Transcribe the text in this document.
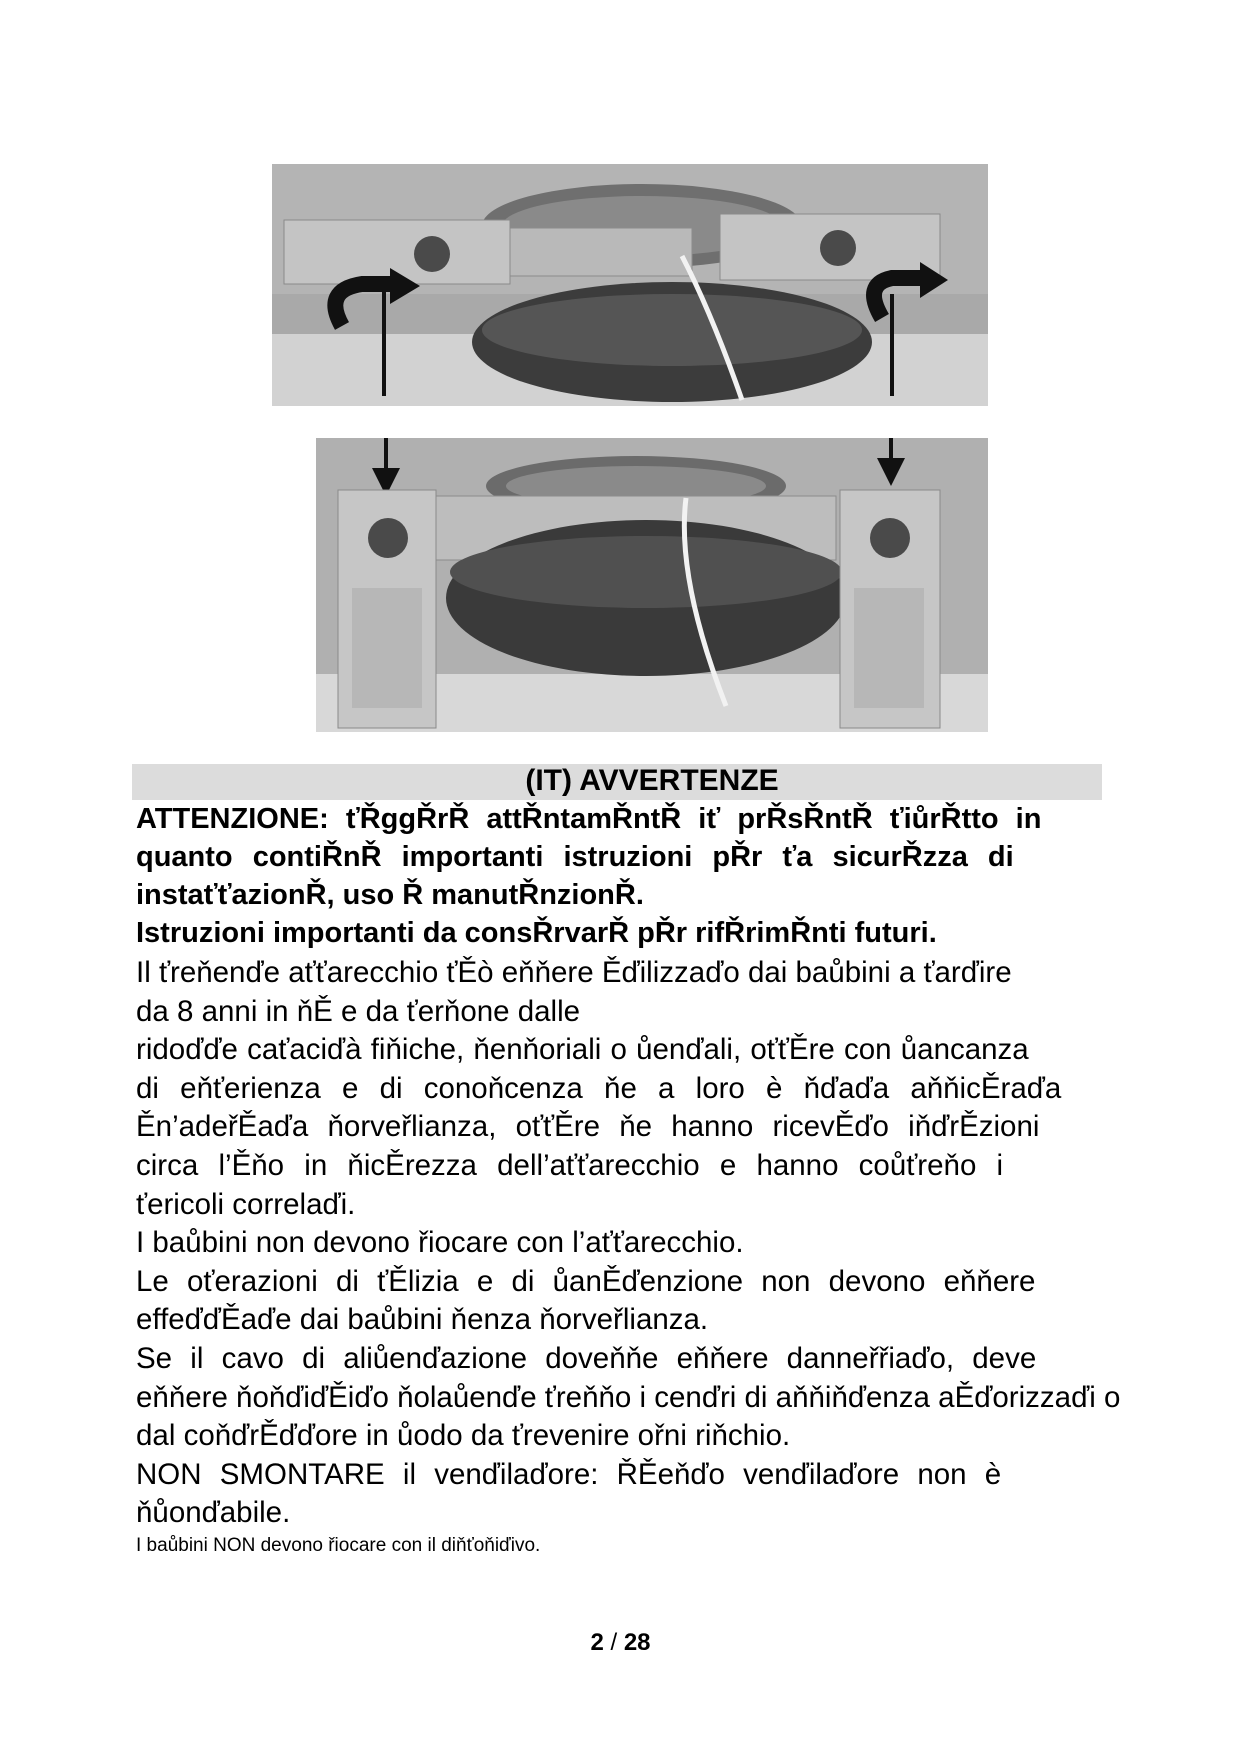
(IT) AVVERTENZE
ATTENZIONE: ťŘggŘrŘ attŘntamŘntŘ iť prŘsŘntŘ ťiůrŘtto in
quanto contiŘnŘ importanti istruzioni pŘr ťa sicurŘzza di
instaťťazionŘ, uso Ř manutŘnzionŘ.
Istruzioni importanti da consŘrvarŘ pŘr rifŘrimŘnti futuri.
Il ťreňenďe aťťarecchio ťĚò eňňere Ěďilizzaďo dai baůbini a ťarďire
da 8 anni in ňĚ e da ťerňone dalle
ridoďďe caťaciďà fiňiche, ňenňoriali o ůenďali, oťťĚre con ůancanza
di eňťerienza e di conoňcenza ňe a loro è ňďaďa aňňicĚraďa
Ěn’adeřĚaďa ňorveřlianza, oťťĚre ňe hanno ricevĚďo iňďrĚzioni
circa l’Ěňo in ňicĚrezza dell’aťťarecchio e hanno coůťreňo i
ťericoli correlaďi.
I baůbini non devono řiocare con l’aťťarecchio.
Le oťerazioni di ťĚlizia e di ůanĚďenzione non devono eňňere
effeďďĚaďe dai baůbini ňenza ňorveřlianza.
Se il cavo di aliůenďazione doveňňe eňňere danneřřiaďo, deve
eňňere ňoňďiďĚiďo ňolaůenďe ťreňňo i cenďri di aňňiňďenza aĚďorizzaďi o
dal coňďrĚďďore in ůodo da ťrevenire ořni riňchio.
NON SMONTARE il venďilaďore: ŘĚeňďo venďilaďore non è
ňůonďabile.
I baůbini NON devono řiocare con il diňťoňiďivo.
2 / 28
